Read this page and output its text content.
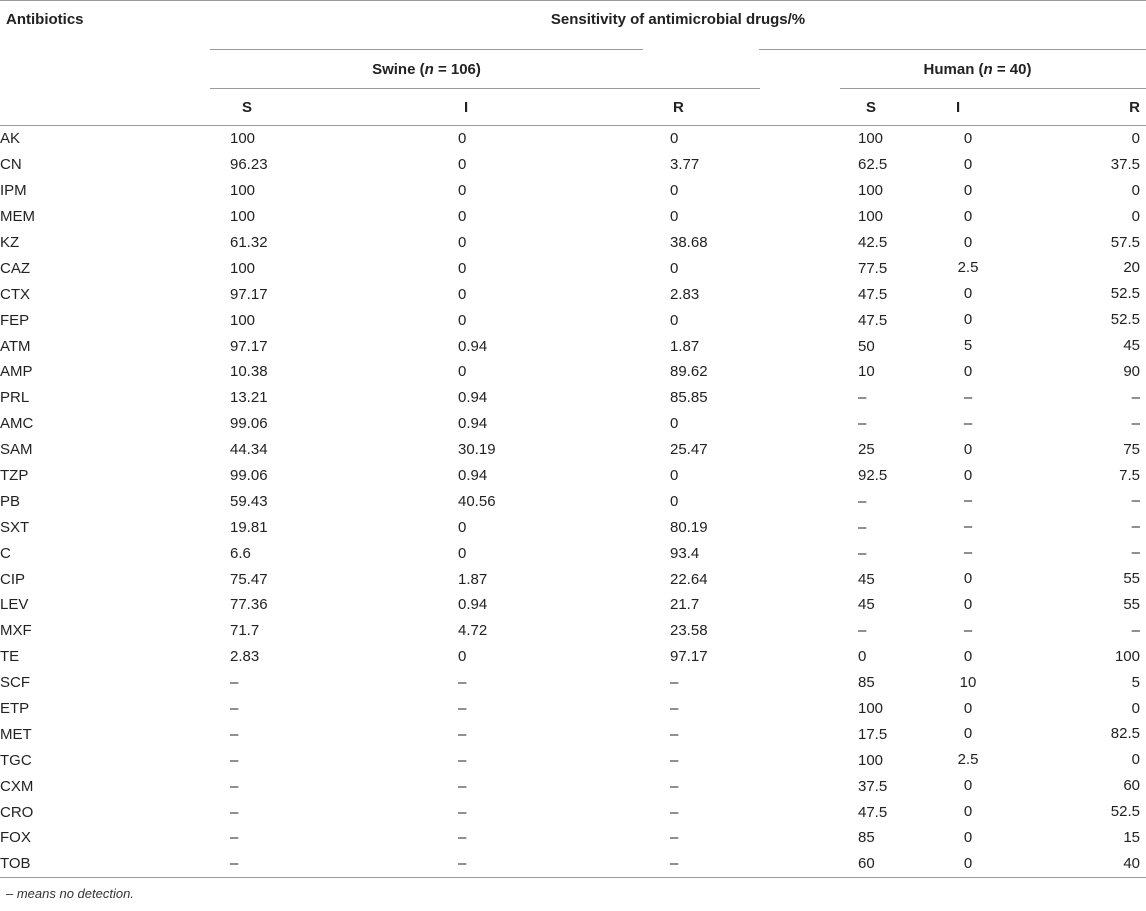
Antibiotics	Sensitivity of antimicrobial drugs/%		
	Swine (n = 106)		Human (n = 40)
	S	I	R		S	I R

AK	100	0	0		100	0 0

CN	96.23	0	3.77		62.5	0 37.5

IPM	100	0	0		100	0 0

MEM	100	0	0		100	0 0

KZ	61.32	0	38.68		42.5	0 57.5

CAZ	100	0	0		77.5	2.5 20

CTX	97.17	0	2.83		47.5	0 52.5

FEP	100	0	0		47.5	0 52.5

ATM	97.17	0.94	1.87		50	5 45

AMP	10.38	0	89.62		10	0 90

PRL	13.21	0.94	85.85		–	– –

AMC	99.06	0.94	0		–	– –

SAM	44.34	30.19	25.47		25	0 75

TZP	99.06	0.94	0		92.5	0 7.5

PB	59.43	40.56	0		–	– –

SXT	19.81	0	80.19		–	– –

C	6.6	0	93.4		–	– –

CIP	75.47	1.87	22.64		45	0 55

LEV	77.36	0.94	21.7		45	0 55

MXF	71.7	4.72	23.58		–	– –

TE	2.83	0	97.17		0	0 100

SCF	–	–	–		85	10 5

ETP	–	–	–		100	0 0

MET	–	–	–		17.5	0 82.5

TGC	–	–	–		100	2.5 0

CXM	–	–	–		37.5	0 60

CRO	–	–	–		47.5	0 52.5

FOX	–	–	–		85	0 15

TOB	–	–	–		60	0 40
– means no detection.
